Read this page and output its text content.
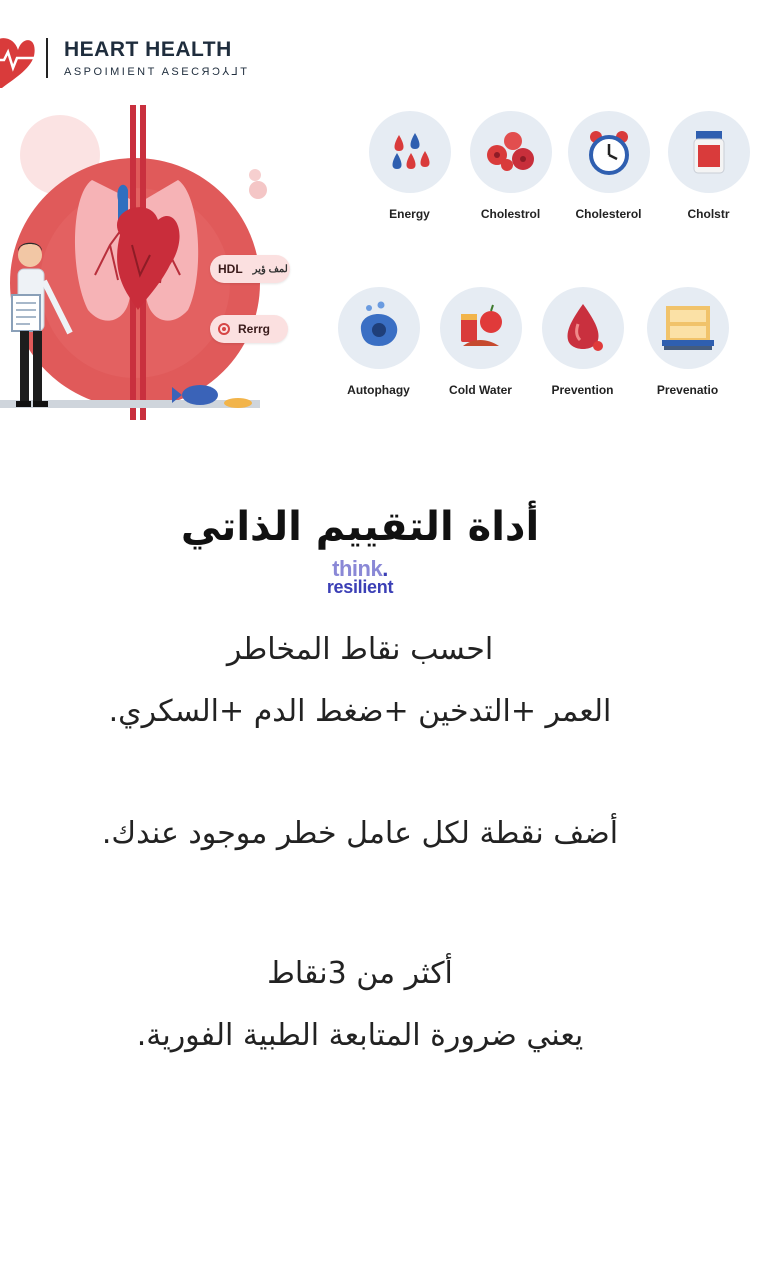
HEART HEALTH
ASPOIMIENT ASECЯƆ⅄⅃T
HDL لمف ؤير
Rerrg
Energy	Cholestrol	Cholesterol	Cholstr
Autophagy	Cold Water	Prevention	Prevenatio
أداة التقييم الذاتي
think.
resilient
احسب نقاط المخاطر
العمر +التدخين +ضغط الدم +السكري.
أضف نقطة لكل عامل خطر موجود عندك.
أكثر من 3نقاط
يعني ضرورة المتابعة الطبية الفورية.
